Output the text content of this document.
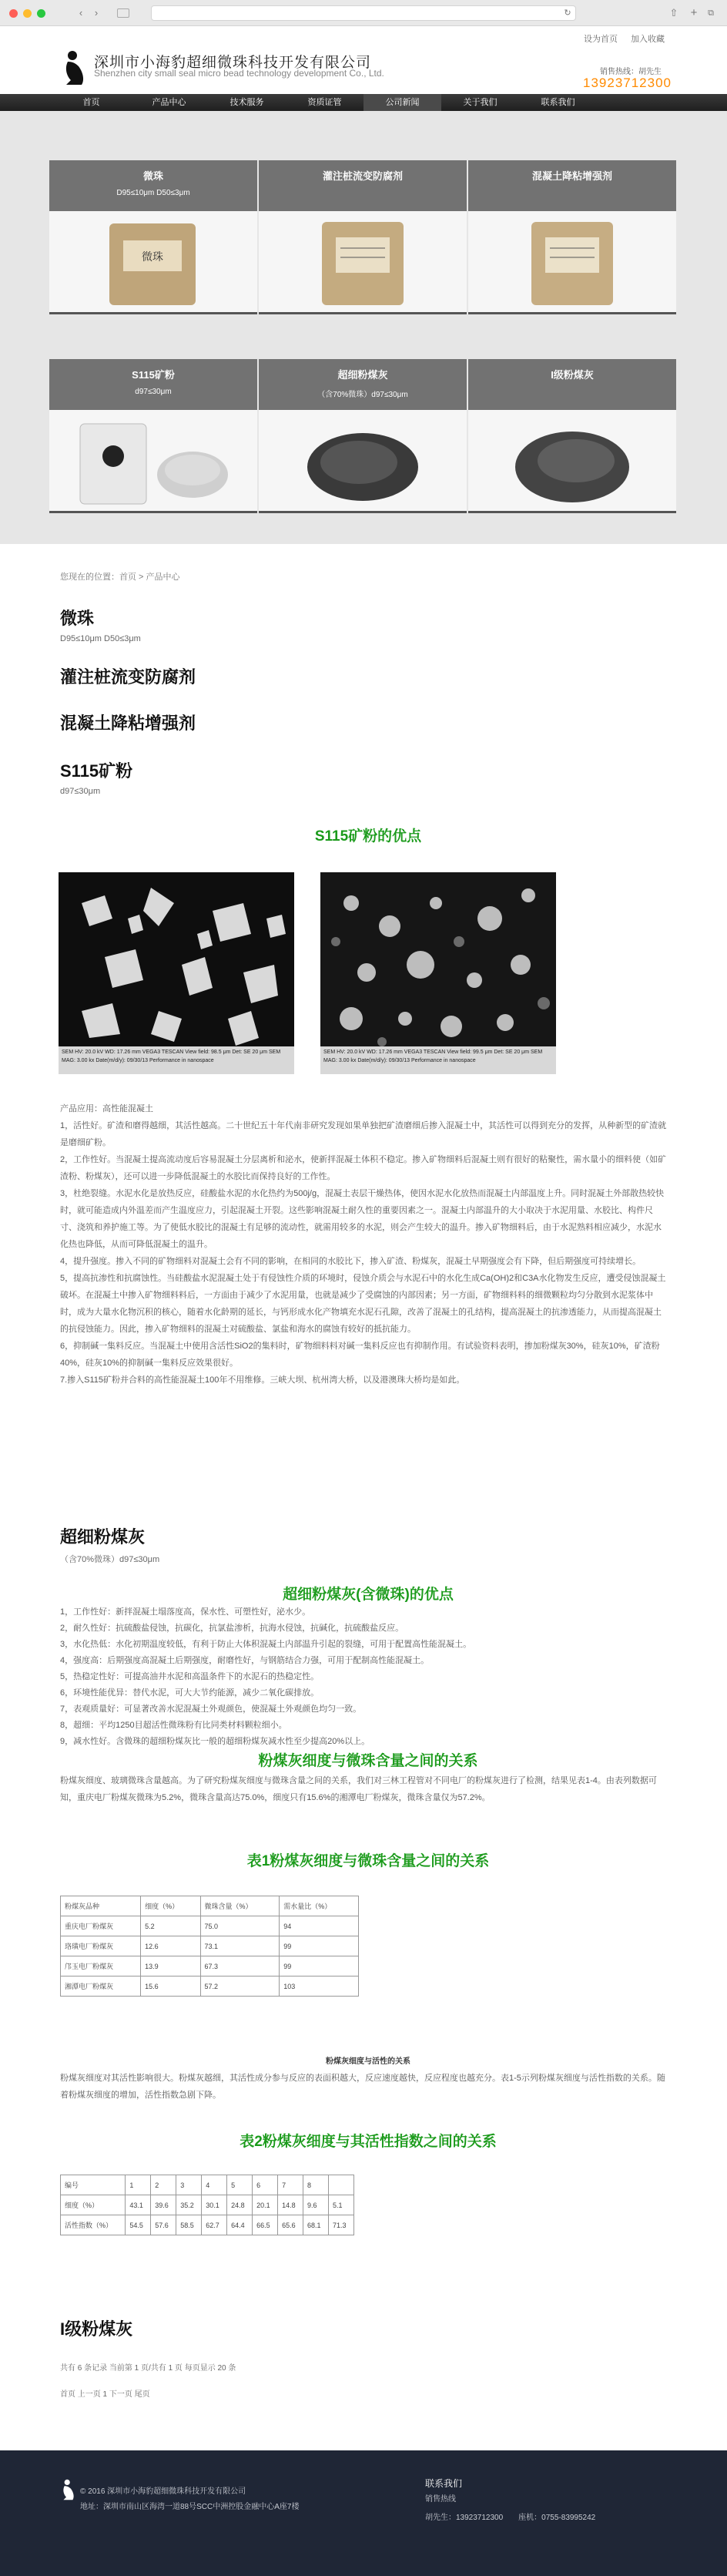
‹	›	↻	⇧	+	⧉
深圳市小海豹超细微珠科技开发有限公司
Shenzhen city small seal micro bead technology development Co., Ltd.
设为首页 加入收藏
销售热线：胡先生
13923712300
首页	产品中心	技术服务	资质证管	公司新闻	关于我们	联系我们
微珠
D95≤10μm D50≤3μm
微珠
灌注桩流变防腐剂	混凝土降粘增强剂
S115矿粉
d97≤30μm
超细粉煤灰
（含70%微珠）d97≤30μm
I级粉煤灰
您现在的位置：首页 > 产品中心
微珠
D95≤10μm D50≤3μm
灌注桩流变防腐剂
混凝土降粘增强剂
S115矿粉
d97≤30μm
S115矿粉的优点
SEM HV: 20.0 kV WD: 17.26 mm VEGA3 TESCAN View field: 98.5 μm Det: SE 20 μm SEM MAG: 3.00 kx Date(m/d/y): 09/30/13 Performance in nanospace
SEM HV: 20.0 kV WD: 17.26 mm VEGA3 TESCAN View field: 99.5 μm Det: SE 20 μm SEM MAG: 3.00 kx Date(m/d/y): 09/30/13 Performance in nanospace
产品应用：高性能混凝土

1，活性好。矿渣和磨得越细，其活性越高。二十世纪五十年代南非研究发现如果单独把矿渣磨细后掺入混凝土中，其活性可以得到充分的发挥，从种新型的矿渣就是磨细矿粉。

2，工作性好。当混凝土提高流动度后容易混凝土分层离析和泌水，使新拌混凝土体积不稳定。掺入矿物细料后混凝土则有很好的粘聚性，需水量小的细料使（如矿渣粉、粉煤灰），还可以进一步降低混凝土的水胶比而保持良好的工作性。

3，杜绝裂缝。水泥水化是放热反应，硅酸盐水泥的水化热约为500j/g，混凝土表层干燥热体，使因水泥水化放热而混凝土内部温度上升。同时混凝土外部散热较快时，就可能造成内外温差而产生温度应力，引起混凝土开裂。这些影响混凝土耐久性的重要因素之一。混凝土内部温升的大小取决于水泥用量、水胶比、构件尺寸、浇筑和养护施工等。为了使低水胶比的混凝土有足够的流动性，就需用较多的水泥，则会产生较大的温升。掺入矿物细料后，由于水泥熟料相应减少，水泥水化热也降低，从而可降低混凝土的温升。

4，提升强度。掺入不同的矿物细料对混凝土会有不同的影响，在相同的水胶比下，掺入矿渣、粉煤灰，混凝土早期强度会有下降，但后期强度可持续增长。

5，提高抗渗性和抗腐蚀性。当硅酸盐水泥混凝土处于有侵蚀性介质的环境时，侵蚀介质会与水泥石中的水化生成Ca(OH)2和C3A水化物发生反应，遭受侵蚀混凝土破坏。在混凝土中掺入矿物细料料后，一方面由于减少了水泥用量，也就是减少了受腐蚀的内部因素；另一方面，矿物细料料的细微颗粒均匀分散到水泥浆体中时，成为大量水化物沉积的核心，随着水化龄期的延长，与钙形成水化产物填充水泥石孔隙，改善了混凝土的孔结构，提高混凝土的抗渗透能力，从而提高混凝土的抗侵蚀能力。因此，掺入矿物细料的混凝土对硫酸盐、氯盐和海水的腐蚀有较好的抵抗能力。

6，抑制碱一集料反应。当混凝土中使用含活性SiO2的集料时，矿物细料料对碱一集料反应也有抑制作用。有试验资料表明，掺加粉煤灰30%，硅灰10%，矿渣粉40%，硅灰10%的抑制碱一集料反应效果很好。

7.掺入S115矿粉并合料的高性能混凝土100年不用维修。三峡大坝、杭州湾大桥，以及港澳珠大桥均是如此。

超细粉煤灰
（含70%微珠）d97≤30μm
超细粉煤灰(含微珠)的优点
1，工作性好：新拌混凝土塌落度高，保水性、可塑性好，泌水少。
2，耐久性好：抗硫酸盐侵蚀，抗碳化，抗氯盐渗析，抗海水侵蚀，抗碱化，抗硫酸盐反应。
3，水化热低：水化初期温度较低，有利于防止大体积混凝土内部温升引起的裂缝，可用于配置高性能混凝土。
4，强度高：后期强度高混凝土后期强度，耐磨性好，与钢筋结合力强，可用于配制高性能混凝土。
5，热稳定性好：可提高油井水泥和高温条件下的水泥石的热稳定性。
6，环境性能优异：替代水泥，可大大节约能源，减少二氧化碳排放。
7，表观质量好：可显著改善水泥混凝土外观颜色，使混凝土外观颜色均匀一致。
8，超细：平均1250目超活性微珠粉有比同类材料颗粒细小。
9，减水性好。含微珠的超细粉煤灰比一般的超细粉煤灰减水性至少提高20%以上。
粉煤灰细度与微珠含量之间的关系
粉煤灰细度、玻璃微珠含量越高。为了研究粉煤灰细度与微珠含量之间的关系，我们对三林工程管对不同电厂的粉煤灰进行了检测，结果见表1-4。由表列数据可知，重庆电厂粉煤灰微珠为5.2%，微珠含量高达75.0%，细度只有15.6%的湘潭电厂粉煤灰，微珠含量仅为57.2%。
表1粉煤灰细度与微珠含量之间的关系
粉煤灰品种	细度（%）	微珠含量（%）	需水量比（%）
重庆电厂粉煤灰	5.2	75.0	94
珞璜电厂粉煤灰	12.6	73.1	99
邝玉电厂粉煤灰	13.9	67.3	99
湘潭电厂粉煤灰	15.6	57.2	103
粉煤灰细度与活性的关系
粉煤灰细度对其活性影响很大。粉煤灰越细，其活性成分参与反应的表面积越大，反应速度越快，反应程度也越充分。表1-5示列粉煤灰细度与活性指数的关系。随着粉煤灰细度的增加，活性指数急剧下降。
表2粉煤灰细度与其活性指数之间的关系
编号	1	2	3	4	5	6	7	8	
细度（%）	43.1	39.6	35.2	30.1	24.8	20.1	14.8	9.6	5.1
活性指数（%）	54.5	57.6	58.5	62.7	64.4	66.5	65.6	68.1	71.3
I级粉煤灰
共有 6 条记录 当前第 1 页/共有 1 页 每页显示 20 条
首页 上一页 1 下一页 尾页
© 2016 深圳市小海豹超细微珠科技开发有限公司
地址：深圳市南山区海湾一道88号SCC中洲控股金融中心A座7楼
联系我们
销售热线
胡先生：13923712300　　座机：0755-83995242
